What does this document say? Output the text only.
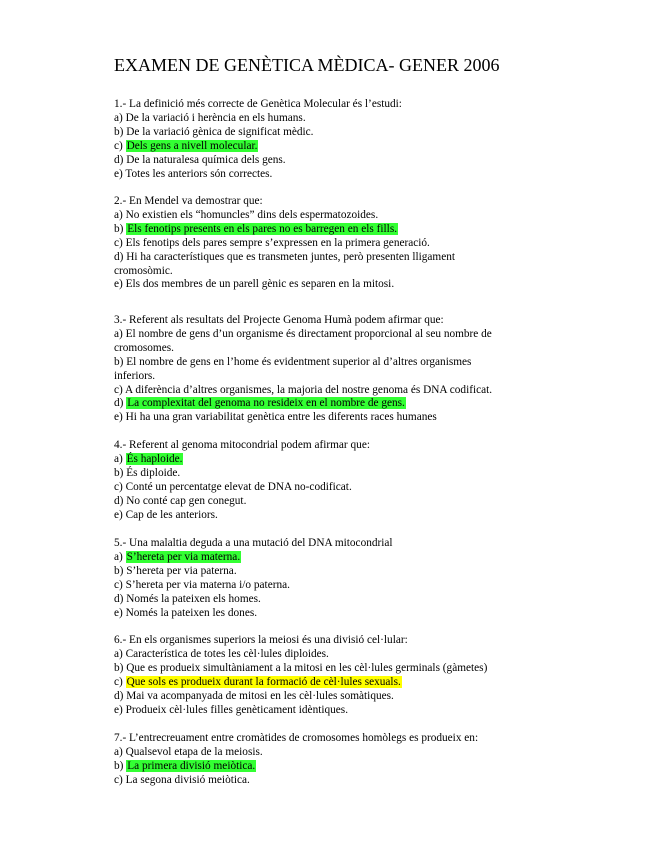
EXAMEN DE GENÈTICA MÈDICA- GENER 2006
1.- La definició més correcte de Genètica Molecular és l’estudi:
a) De la variació i herència en els humans.
b) De la variació gènica de significat mèdic.
c) Dels gens a nivell molecular.
d) De la naturalesa química dels gens.
e) Totes les anteriors són correctes.
2.- En Mendel va demostrar que:
a) No existien els “homuncles” dins dels espermatozoides.
b) Els fenotips presents en els pares no es barregen en els fills.
c) Els fenotips dels pares sempre s’expressen en la primera generació.
d) Hi ha característiques que es transmeten juntes, però presenten lligament
cromosòmic.
e) Els dos membres de un parell gènic es separen en la mitosi.
3.- Referent als resultats del Projecte Genoma Humà podem afirmar que:
a) El nombre de gens d’un organisme és directament proporcional al seu nombre de
cromosomes.
b) El nombre de gens en l’home és evidentment superior al d’altres organismes
inferiors.
c) A diferència d’altres organismes, la majoria del nostre genoma és DNA codificat.
d) La complexitat del genoma no resideix en el nombre de gens.
e) Hi ha una gran variabilitat genètica entre les diferents races humanes
4.- Referent al genoma mitocondrial podem afirmar que:
a) És haploide.
b) És diploide.
c) Conté un percentatge elevat de DNA no-codificat.
d) No conté cap gen conegut.
e) Cap de les anteriors.
5.- Una malaltia deguda a una mutació del DNA mitocondrial
a) S’hereta per via materna.
b) S’hereta per via paterna.
c) S’hereta per via materna i/o paterna.
d) Només la pateixen els homes.
e) Només la pateixen les dones.
6.- En els organismes superiors la meiosi és una divisió cel·lular:
a) Característica de totes les cèl·lules diploides.
b) Que es produeix simultàniament a la mitosi en les cèl·lules germinals (gàmetes)
c) Que sols es produeix durant la formació de cèl·lules sexuals.
d) Mai va acompanyada de mitosi en les cèl·lules somàtiques.
e) Produeix cèl·lules filles genèticament idèntiques.
7.- L’entrecreuament entre cromàtides de cromosomes homòlegs es produeix en:
a) Qualsevol etapa de la meiosis.
b) La primera divisió meiòtica.
c) La segona divisió meiòtica.
